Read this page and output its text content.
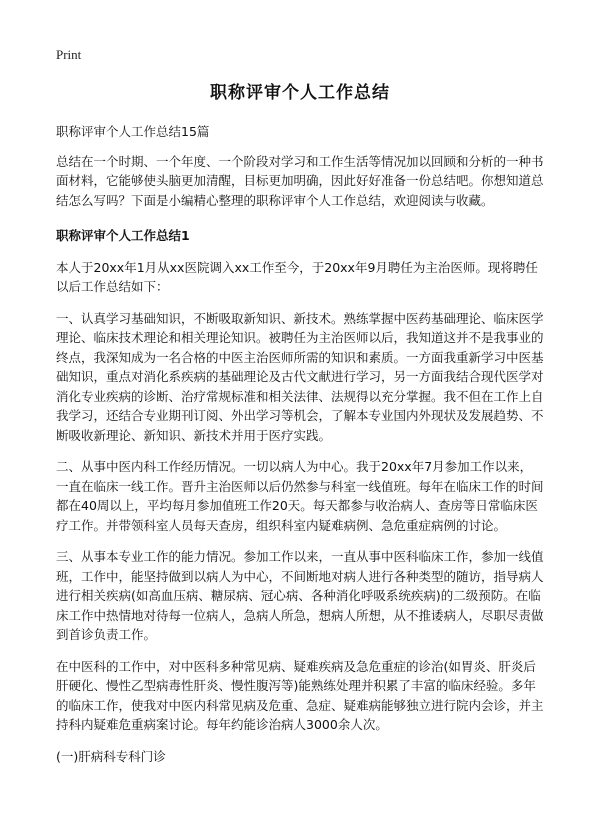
Print
职称评审个人工作总结

职称评审个人工作总结15篇

总结在一个时期、一个年度、一个阶段对学习和工作生活等情况加以回顾和分析的一种书面材料，它能够使头脑更加清醒，目标更加明确，因此好好准备一份总结吧。你想知道总结怎么写吗？下面是小编精心整理的职称评审个人工作总结，欢迎阅读与收藏。

职称评审个人工作总结1

本人于20xx年1月从xx医院调入xx工作至今，于20xx年9月聘任为主治医师。现将聘任以后工作总结如下：

一、认真学习基础知识，不断吸取新知识、新技术。熟练掌握中医药基础理论、临床医学理论、临床技术理论和相关理论知识。被聘任为主治医师以后，我知道这并不是我事业的终点，我深知成为一名合格的中医主治医师所需的知识和素质。一方面我重新学习中医基础知识，重点对消化系疾病的基础理论及古代文献进行学习，另一方面我结合现代医学对消化专业疾病的诊断、治疗常规标准和相关法律、法规得以充分掌握。我不但在工作上自我学习，还结合专业期刊订阅、外出学习等机会，了解本专业国内外现状及发展趋势、不断吸收新理论、新知识、新技术并用于医疗实践。

二、从事中医内科工作经历情况。一切以病人为中心。我于20xx年7月参加工作以来，一直在临床一线工作。晋升主治医师以后仍然参与科室一线值班。每年在临床工作的时间都在40周以上，平均每月参加值班工作20天。每天都参与收治病人、查房等日常临床医疗工作。并带领科室人员每天查房，组织科室内疑难病例、急危重症病例的讨论。

三、从事本专业工作的能力情况。参加工作以来，一直从事中医科临床工作，参加一线值班，工作中，能坚持做到以病人为中心，不间断地对病人进行各种类型的随访，指导病人进行相关疾病(如高血压病、糖尿病、冠心病、各种消化呼吸系统疾病)的二级预防。在临床工作中热情地对待每一位病人，急病人所急，想病人所想，从不推诿病人，尽职尽责做到首诊负责工作。

在中医科的工作中，对中医科多种常见病、疑难疾病及急危重症的诊治(如胃炎、肝炎后肝硬化、慢性乙型病毒性肝炎、慢性腹泻等)能熟练处理并积累了丰富的临床经验。多年的临床工作，使我对中医内科常见病及危重、急症、疑难病能够独立进行院内会诊，并主持科内疑难危重病案讨论。每年约能诊治病人3000余人次。

(一)肝病科专科门诊
